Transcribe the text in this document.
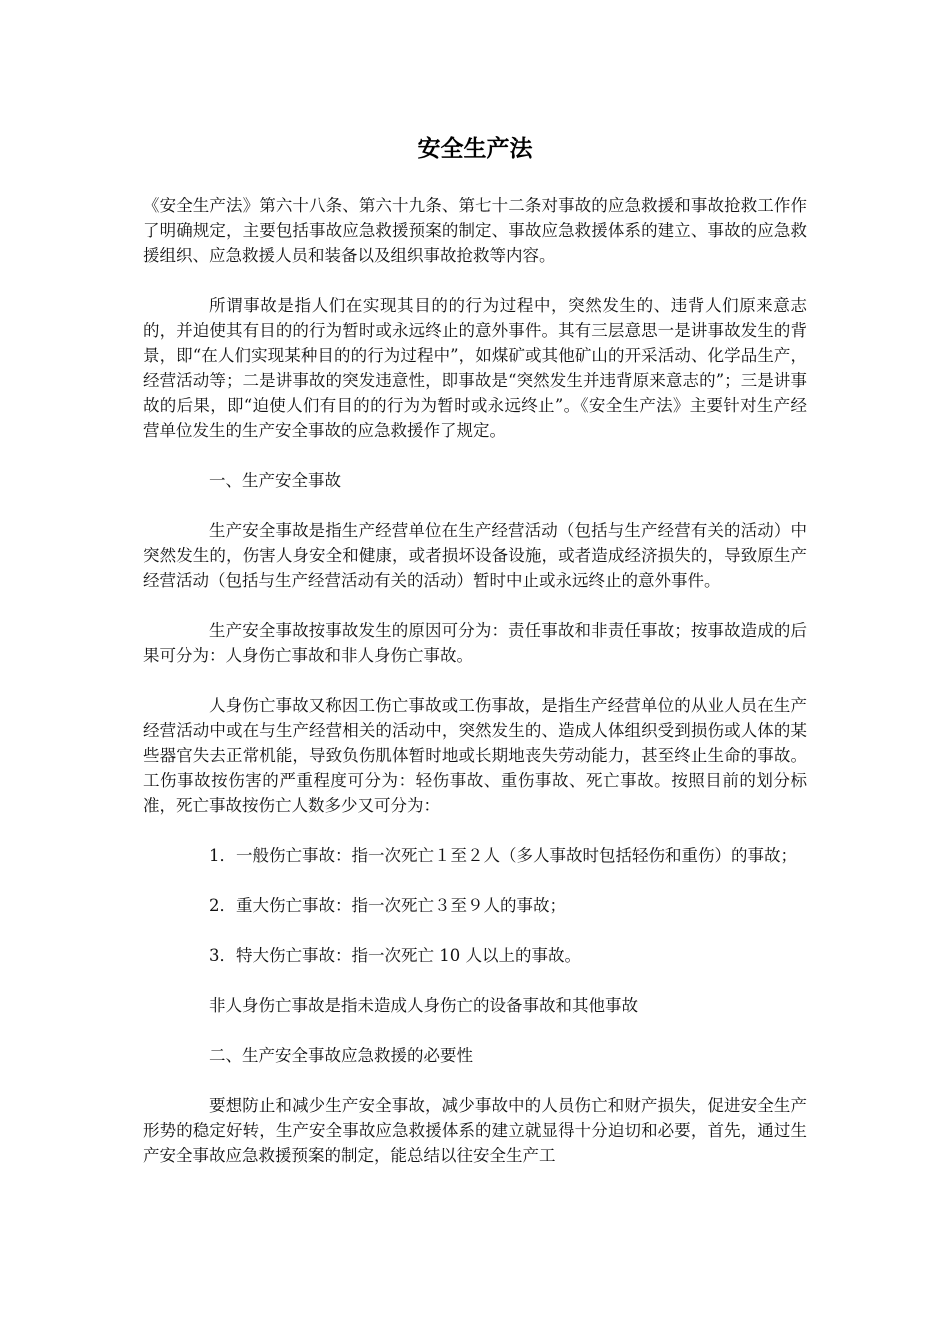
安全生产法

《安全生产法》第六十八条、第六十九条、第七十二条对事故的应急救援和事故抢救工作作了明确规定，主要包括事故应急救援预案的制定、事故应急救援体系的建立、事故的应急救援组织、应急救援人员和装备以及组织事故抢救等内容。

所谓事故是指人们在实现其目的的行为过程中，突然发生的、违背人们原来意志的，并迫使其有目的的行为暂时或永远终止的意外事件。其有三层意思一是讲事故发生的背景，即“在人们实现某种目的的行为过程中”，如煤矿或其他矿山的开采活动、化学品生产，经营活动等；二是讲事故的突发违意性，即事故是“突然发生并违背原来意志的”；三是讲事故的后果，即“迫使人们有目的的行为为暂时或永远终止”。《安全生产法》主要针对生产经营单位发生的生产安全事故的应急救援作了规定。

一、生产安全事故

生产安全事故是指生产经营单位在生产经营活动（包括与生产经营有关的活动）中突然发生的，伤害人身安全和健康，或者损坏设备设施，或者造成经济损失的，导致原生产经营活动（包括与生产经营活动有关的活动）暂时中止或永远终止的意外事件。

生产安全事故按事故发生的原因可分为：责任事故和非责任事故；按事故造成的后果可分为：人身伤亡事故和非人身伤亡事故。

人身伤亡事故又称因工伤亡事故或工伤事故，是指生产经营单位的从业人员在生产经营活动中或在与生产经营相关的活动中，突然发生的、造成人体组织受到损伤或人体的某些器官失去正常机能，导致负伤肌体暂时地或长期地丧失劳动能力，甚至终止生命的事故。工伤事故按伤害的严重程度可分为：轻伤事故、重伤事故、死亡事故。按照目前的划分标准，死亡事故按伤亡人数多少又可分为：

1．一般伤亡事故：指一次死亡１至２人（多人事故时包括轻伤和重伤）的事故；

2．重大伤亡事故：指一次死亡３至９人的事故；

3．特大伤亡事故：指一次死亡 10 人以上的事故。

非人身伤亡事故是指未造成人身伤亡的设备事故和其他事故

二、生产安全事故应急救援的必要性

要想防止和减少生产安全事故，减少事故中的人员伤亡和财产损失，促进安全生产形势的稳定好转，生产安全事故应急救援体系的建立就显得十分迫切和必要，首先，通过生产安全事故应急救援预案的制定，能总结以往安全生产工
